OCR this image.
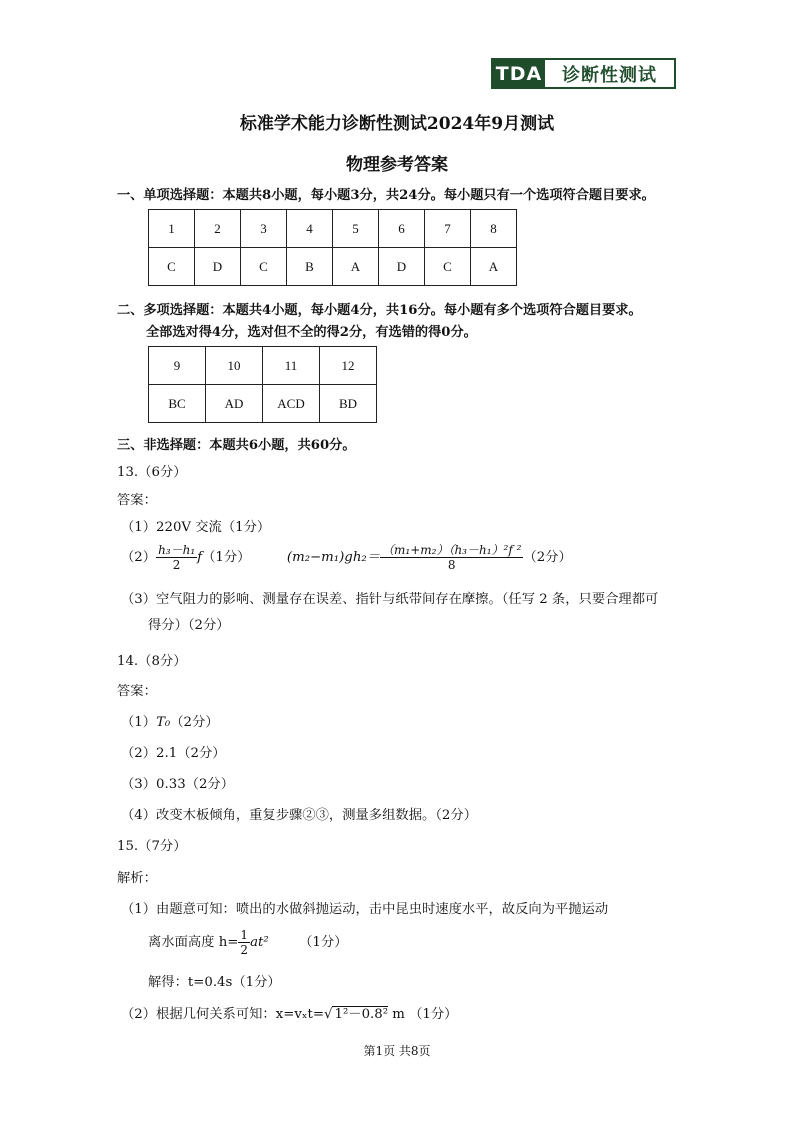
TDA	诊断性测试
标准学术能力诊断性测试2024年9月测试
物理参考答案
一、单项选择题：本题共8小题，每小题3分，共24分。每小题只有一个选项符合题目要求。
1	2	3	4	5	6	7	8
C	D	C	B	A	D	C	A
二、多项选择题：本题共4小题，每小题4分，共16分。每小题有多个选项符合题目要求。
全部选对得4分，选对但不全的得2分，有选错的得0分。
9	10	11	12
BC	AD	ACD	BD
三、非选择题：本题共6小题，共60分。
13.（6分）
答案：
（1）220V 交流（1分）
$(2) \frac{\text{h₃－h₁}}{2} f(1$分）	$(m_2-m_1)gh_2= \frac{\text{（m₁+m₂）（h₃－h₁）²f ²}}{8} (2$分）
（3）空气阻力的影响、测量存在误差、指针与纸带间存在摩擦。（任写 2 条，只要合理都可
得分）（2分）
14.（8分）
答案：
（1）T₀（2分）
（2）2.1（2分）
（3）0.33（2分）
（4）改变木板倾角，重复步骤②③，测量多组数据。（2分）
15.（7分）
解析：
（1）由题意可知：喷出的水做斜抛运动，击中昆虫时速度水平，故反向为平抛运动
离水面高度 $h= \frac{1}{2} at^2$ （1分）
解得：t=0.4s（1分）
（2）根据几何关系可知：x=vₓt=√ 1²－0.8² m （1分）
第1页 共8页
